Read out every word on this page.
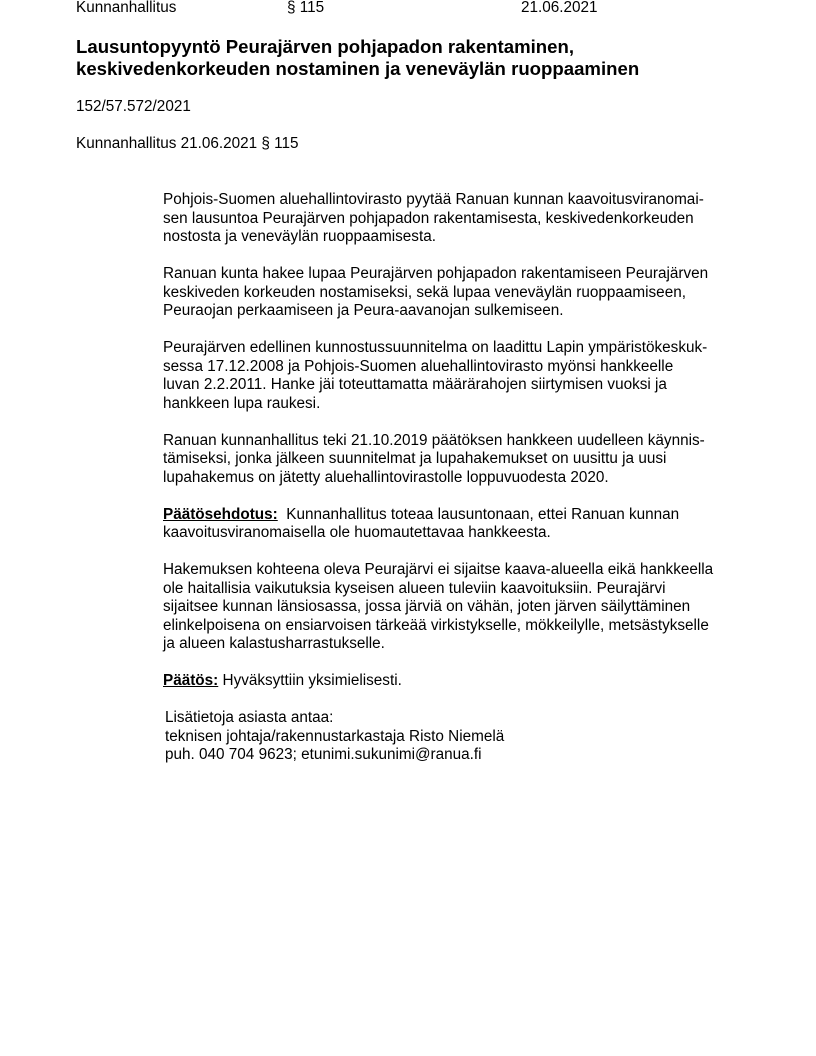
Kunnanhallitus	§ 115	21.06.2021
Lausuntopyyntö Peurajärven pohjapadon rakentaminen,
keskivedenkorkeuden nostaminen ja veneväylän ruoppaaminen
152/57.572/2021
Kunnanhallitus 21.06.2021 § 115
Pohjois-Suomen aluehallintovirasto pyytää Ranuan kunnan kaavoitusviranomai-
sen lausuntoa Peurajärven pohjapadon rakentamisesta, keskivedenkorkeuden
nostosta ja veneväylän ruoppaamisesta.
Ranuan kunta hakee lupaa Peurajärven pohjapadon rakentamiseen Peurajärven
keskiveden korkeuden nostamiseksi, sekä lupaa veneväylän ruoppaamiseen,
Peuraojan perkaamiseen ja Peura-aavanojan sulkemiseen.
Peurajärven edellinen kunnostussuunnitelma on laadittu Lapin ympäristökeskuk-
sessa 17.12.2008 ja Pohjois-Suomen aluehallintovirasto myönsi hankkeelle
luvan 2.2.2011. Hanke jäi toteuttamatta määrärahojen siirtymisen vuoksi ja
hankkeen lupa raukesi.
Ranuan kunnanhallitus teki 21.10.2019 päätöksen hankkeen uudelleen käynnis-
tämiseksi, jonka jälkeen suunnitelmat ja lupahakemukset on uusittu ja uusi
lupahakemus on jätetty aluehallintovirastolle loppuvuodesta 2020.
Päätösehdotus: Kunnanhallitus toteaa lausuntonaan, ettei Ranuan kunnan
kaavoitusviranomaisella ole huomautettavaa hankkeesta.
Hakemuksen kohteena oleva Peurajärvi ei sijaitse kaava-alueella eikä hankkeella
ole haitallisia vaikutuksia kyseisen alueen tuleviin kaavoituksiin. Peurajärvi
sijaitsee kunnan länsiosassa, jossa järviä on vähän, joten järven säilyttäminen
elinkelpoisena on ensiarvoisen tärkeää virkistykselle, mökkeilylle, metsästykselle
ja alueen kalastusharrastukselle.
Päätös: Hyväksyttiin yksimielisesti.
Lisätietoja asiasta antaa:
teknisen johtaja/rakennustarkastaja Risto Niemelä
puh. 040 704 9623; etunimi.sukunimi@ranua.fi
